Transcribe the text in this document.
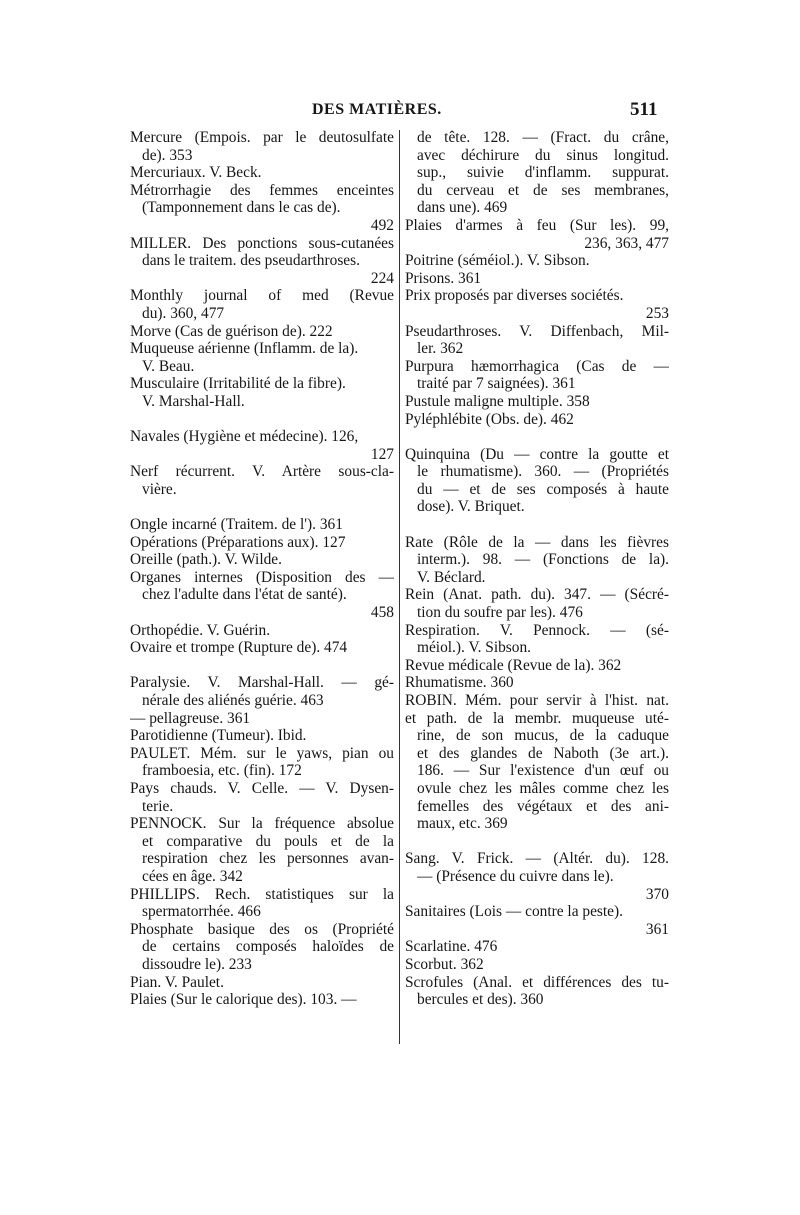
DES MATIÈRES.	511
Mercure (Empois. par le deutosulfate
de). 353
Mercuriaux. V. Beck.
Métrorrhagie des femmes enceintes
(Tamponnement dans le cas de).
492
MILLER. Des ponctions sous-cutanées
dans le traitem. des pseudarthroses.
224
Monthly journal of med (Revue
du). 360, 477
Morve (Cas de guérison de). 222
Muqueuse aérienne (Inflamm. de la).
V. Beau.
Musculaire (Irritabilité de la fibre).
V. Marshal-Hall.
Navales (Hygiène et médecine). 126,
127
Nerf récurrent. V. Artère sous-cla-
vière.
Ongle incarné (Traitem. de l'). 361
Opérations (Préparations aux). 127
Oreille (path.). V. Wilde.
Organes internes (Disposition des —
chez l'adulte dans l'état de santé).
458
Orthopédie. V. Guérin.
Ovaire et trompe (Rupture de). 474
Paralysie. V. Marshal-Hall. — gé-
nérale des aliénés guérie. 463
— pellagreuse. 361
Parotidienne (Tumeur). Ibid.
PAULET. Mém. sur le yaws, pian ou
framboesia, etc. (fin). 172
Pays chauds. V. Celle. — V. Dysen-
terie.
PENNOCK. Sur la fréquence absolue
et comparative du pouls et de la
respiration chez les personnes avan-
cées en âge. 342
PHILLIPS. Rech. statistiques sur la
spermatorrhée. 466
Phosphate basique des os (Propriété
de certains composés haloïdes de
dissoudre le). 233
Pian. V. Paulet.
Plaies (Sur le calorique des). 103. —
de tête. 128. — (Fract. du crâne,
avec déchirure du sinus longitud.
sup., suivie d'inflamm. suppurat.
du cerveau et de ses membranes,
dans une). 469
Plaies d'armes à feu (Sur les). 99,
236, 363, 477
Poitrine (séméiol.). V. Sibson.
Prisons. 361
Prix proposés par diverses sociétés.
253
Pseudarthroses. V. Diffenbach, Mil-
ler. 362
Purpura hæmorrhagica (Cas de —
traité par 7 saignées). 361
Pustule maligne multiple. 358
Pyléphlébite (Obs. de). 462
Quinquina (Du — contre la goutte et
le rhumatisme). 360. — (Propriétés
du — et de ses composés à haute
dose). V. Briquet.
Rate (Rôle de la — dans les fièvres
interm.). 98. — (Fonctions de la).
V. Béclard.
Rein (Anat. path. du). 347. — (Sécré-
tion du soufre par les). 476
Respiration. V. Pennock. — (sé-
méiol.). V. Sibson.
Revue médicale (Revue de la). 362
Rhumatisme. 360
ROBIN. Mém. pour servir à l'hist. nat.
et path. de la membr. muqueuse uté-
rine, de son mucus, de la caduque
et des glandes de Naboth (3e art.).
186. — Sur l'existence d'un œuf ou
ovule chez les mâles comme chez les
femelles des végétaux et des ani-
maux, etc. 369
Sang. V. Frick. — (Altér. du). 128.
— (Présence du cuivre dans le).
370
Sanitaires (Lois — contre la peste).
361
Scarlatine. 476
Scorbut. 362
Scrofules (Anal. et différences des tu-
bercules et des). 360
